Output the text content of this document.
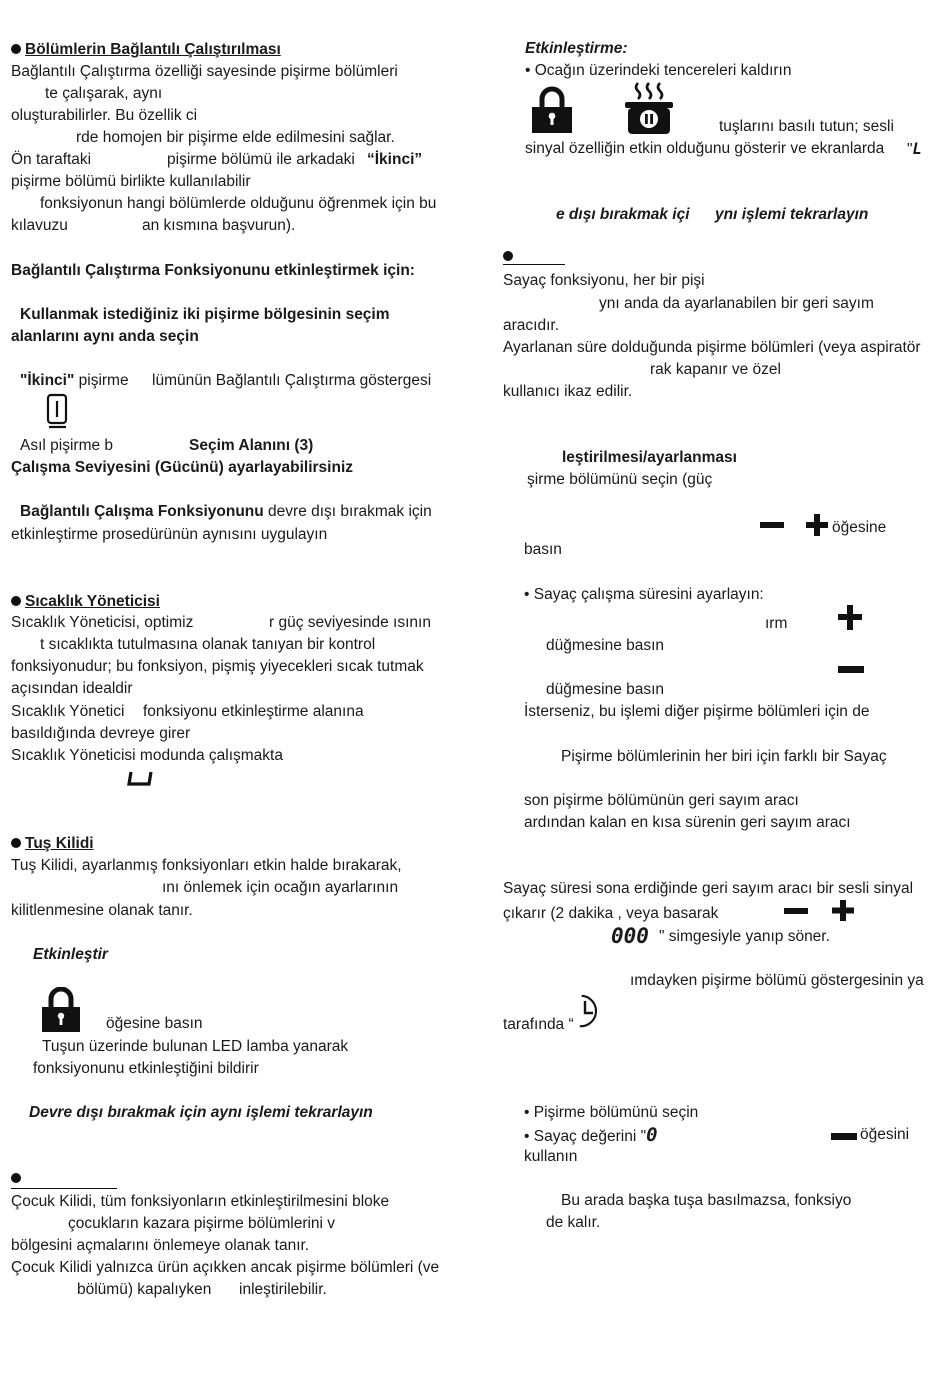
Bölümlerin Bağlantılı Çalıştırılması
Bağlantılı Çalıştırma özelliği sayesinde pişirme bölümleri
te çalışarak, aynı
oluşturabilirler. Bu özellik ci
rde homojen bir pişirme elde edilmesini sağlar.
Ön taraftaki	pişirme bölümü ile arkadaki “İkinci”
pişirme bölümü birlikte kullanılabilir
fonksiyonun hangi bölümlerde olduğunu öğrenmek için bu
kılavuzu	an kısmına başvurun).
Bağlantılı Çalıştırma Fonksiyonunu etkinleştirmek için:
Kullanmak istediğiniz iki pişirme bölgesinin seçim
alanlarını aynı anda seçin
"İkinci" pişirme lümünün Bağlantılı Çalıştırma göstergesi
Asıl pişirme b	Seçim Alanını (3)
Çalışma Seviyesini (Gücünü) ayarlayabilirsiniz
Bağlantılı Çalışma Fonksiyonunu devre dışı bırakmak için
etkinleştirme prosedürünün aynısını uygulayın
Sıcaklık Yöneticisi
Sıcaklık Yöneticisi, optimiz	r güç seviyesinde ısının
t sıcaklıkta tutulmasına olanak tanıyan bir kontrol
fonksiyonudur; bu fonksiyon, pişmiş yiyecekleri sıcak tutmak
açısından idealdir
Sıcaklık Yönetici fonksiyonu etkinleştirme alanına
basıldığında devreye girer
Sıcaklık Yöneticisi modunda çalışmakta
Tuş Kilidi
Tuş Kilidi, ayarlanmış fonksiyonları etkin halde bırakarak,
ını önlemek için ocağın ayarlarının
kilitlenmesine olanak tanır.
Etkinleştir
öğesine basın
Tuşun üzerinde bulunan LED lamba yanarak
fonksiyonunu etkinleştiğini bildirir
Devre dışı bırakmak için aynı işlemi tekrarlayın
Çocuk Kilidi, tüm fonksiyonların etkinleştirilmesini bloke
çocukların kazara pişirme bölümlerini v
bölgesini açmalarını önlemeye olanak tanır.
Çocuk Kilidi yalnızca ürün açıkken ancak pişirme bölümleri (ve
bölümü) kapalıyken inleştirilebilir.
Etkinleştirme:
• Ocağın üzerindeki tencereleri kaldırın
tuşlarını basılı tutun; sesli
sinyal özelliğin etkin olduğunu gösterir ve ekranlarda "L
e dışı bırakmak içi ynı işlemi tekrarlayın
Sayaç fonksiyonu, her bir pişi
ynı anda da ayarlanabilen bir geri sayım
aracıdır.
Ayarlanan süre dolduğunda pişirme bölümleri (veya aspiratör
rak kapanır ve özel
kullanıcı ikaz edilir.
leştirilmesi/ayarlanması
şirme bölümünü seçin (güç
öğesine
basın
• Sayaç çalışma süresini ayarlayın:
ırm
düğmesine basın
düğmesine basın
İsterseniz, bu işlemi diğer pişirme bölümleri için de
Pişirme bölümlerinin her biri için farklı bir Sayaç
son pişirme bölümünün geri sayım aracı
ardından kalan en kısa sürenin geri sayım aracı
Sayaç süresi sona erdiğinde geri sayım aracı bir sesli sinyal
çıkarır (2 dakika , veya basarak
000 " simgesiyle yanıp söner.
ımdayken pişirme bölümü göstergesinin ya
tarafında “
• Pişirme bölümünü seçin
• Sayaç değerini "0	öğesini
kullanın
Bu arada başka tuşa basılmazsa, fonksiyo
de kalır.
